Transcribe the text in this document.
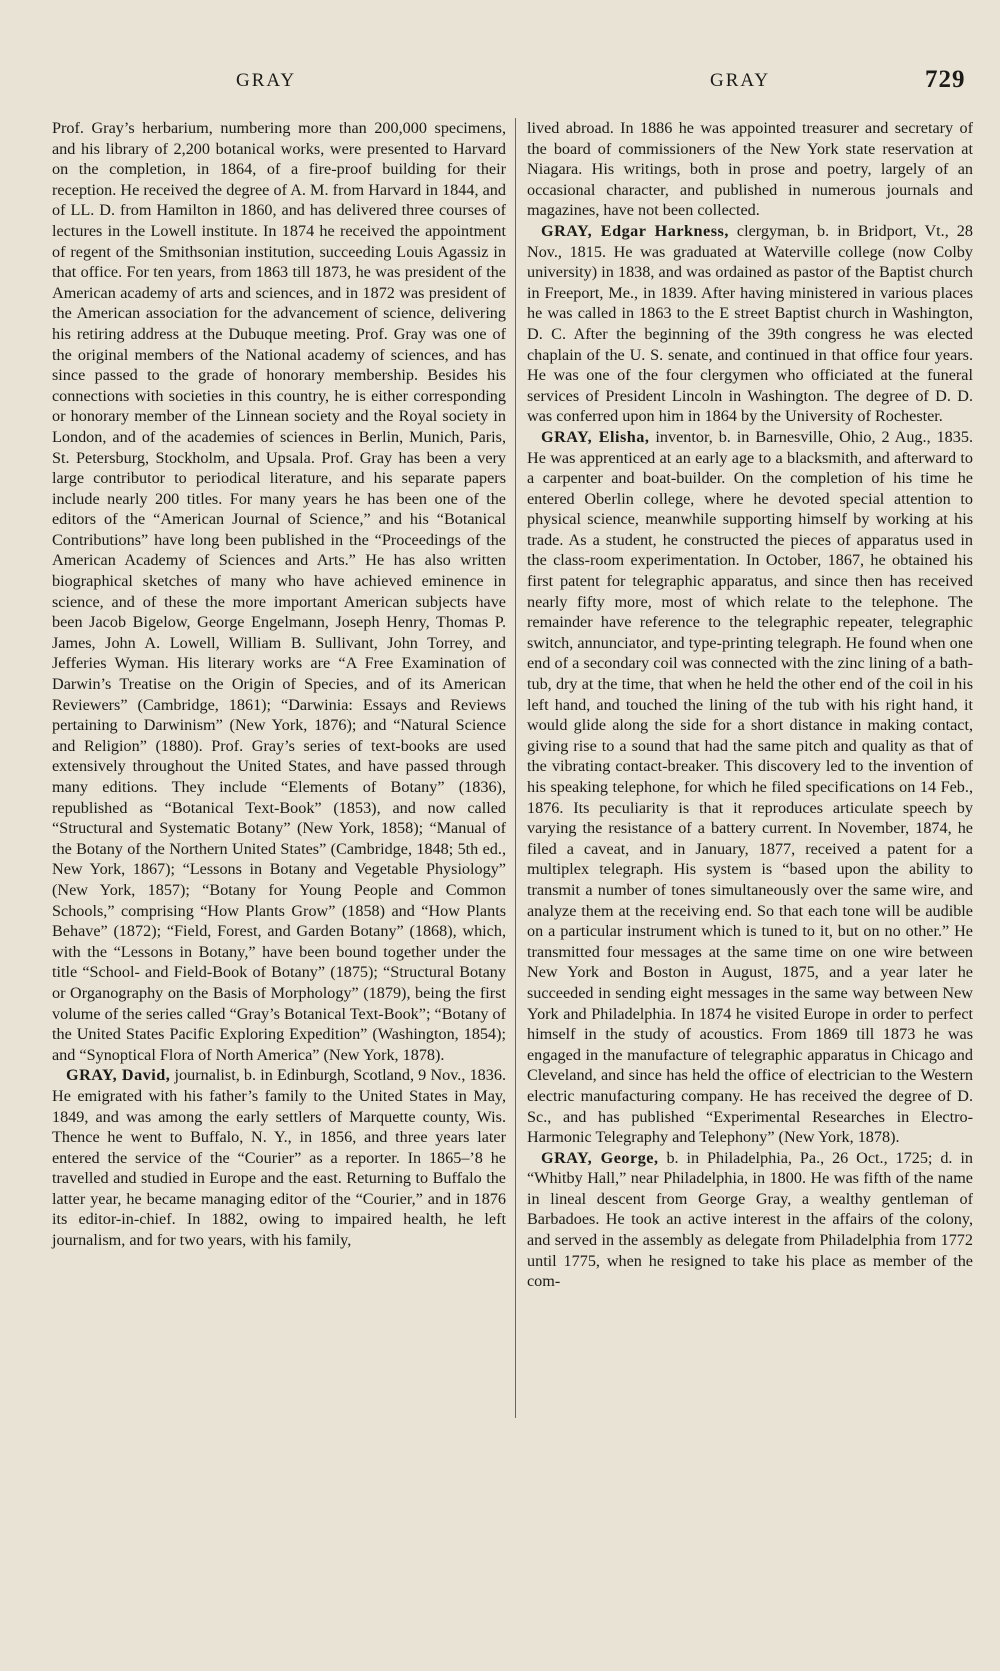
GRAY	GRAY	729

Prof. Gray’s herbarium, numbering more than 200,000 specimens, and his library of 2,200 botanical works, were presented to Harvard on the completion, in 1864, of a fire-proof building for their reception. He received the degree of A. M. from Harvard in 1844, and of LL. D. from Hamilton in 1860, and has delivered three courses of lectures in the Lowell institute. In 1874 he received the appointment of regent of the Smithsonian institution, succeeding Louis Agassiz in that office. For ten years, from 1863 till 1873, he was president of the American academy of arts and sciences, and in 1872 was president of the American association for the advancement of science, delivering his retiring address at the Dubuque meeting. Prof. Gray was one of the original members of the National academy of sciences, and has since passed to the grade of honorary membership. Besides his connections with societies in this country, he is either corresponding or honorary member of the Linnean society and the Royal society in London, and of the academies of sciences in Berlin, Munich, Paris, St. Petersburg, Stockholm, and Upsala. Prof. Gray has been a very large contributor to periodical literature, and his separate papers include nearly 200 titles. For many years he has been one of the editors of the “American Journal of Science,” and his “Botanical Contributions” have long been published in the “Proceedings of the American Academy of Sciences and Arts.” He has also written biographical sketches of many who have achieved eminence in science, and of these the more important American subjects have been Jacob Bigelow, George Engelmann, Joseph Henry, Thomas P. James, John A. Lowell, William B. Sullivant, John Torrey, and Jefferies Wyman. His literary works are “A Free Examination of Darwin’s Treatise on the Origin of Species, and of its American Reviewers” (Cambridge, 1861); “Darwinia: Essays and Reviews pertaining to Darwinism” (New York, 1876); and “Natural Science and Religion” (1880). Prof. Gray’s series of text-books are used extensively throughout the United States, and have passed through many editions. They include “Elements of Botany” (1836), republished as “Botanical Text-Book” (1853), and now called “Structural and Systematic Botany” (New York, 1858); “Manual of the Botany of the Northern United States” (Cambridge, 1848; 5th ed., New York, 1867); “Lessons in Botany and Vegetable Physiology” (New York, 1857); “Botany for Young People and Common Schools,” comprising “How Plants Grow” (1858) and “How Plants Behave” (1872); “Field, Forest, and Garden Botany” (1868), which, with the “Lessons in Botany,” have been bound together under the title “School- and Field-Book of Botany” (1875); “Structural Botany or Organography on the Basis of Morphology” (1879), being the first volume of the series called “Gray’s Botanical Text-Book”; “Botany of the United States Pacific Exploring Expedition” (Washington, 1854); and “Synoptical Flora of North America” (New York, 1878).

GRAY, David, journalist, b. in Edinburgh, Scotland, 9 Nov., 1836. He emigrated with his father’s family to the United States in May, 1849, and was among the early settlers of Marquette county, Wis. Thence he went to Buffalo, N. Y., in 1856, and three years later entered the service of the “Courier” as a reporter. In 1865–’8 he travelled and studied in Europe and the east. Returning to Buffalo the latter year, he became managing editor of the “Courier,” and in 1876 its editor-in-chief. In 1882, owing to impaired health, he left journalism, and for two years, with his family,

lived abroad. In 1886 he was appointed treasurer and secretary of the board of commissioners of the New York state reservation at Niagara. His writings, both in prose and poetry, largely of an occasional character, and published in numerous journals and magazines, have not been collected.

GRAY, Edgar Harkness, clergyman, b. in Bridport, Vt., 28 Nov., 1815. He was graduated at Waterville college (now Colby university) in 1838, and was ordained as pastor of the Baptist church in Freeport, Me., in 1839. After having ministered in various places he was called in 1863 to the E street Baptist church in Washington, D. C. After the beginning of the 39th congress he was elected chaplain of the U. S. senate, and continued in that office four years. He was one of the four clergymen who officiated at the funeral services of President Lincoln in Washington. The degree of D. D. was conferred upon him in 1864 by the University of Rochester.

GRAY, Elisha, inventor, b. in Barnesville, Ohio, 2 Aug., 1835. He was apprenticed at an early age to a blacksmith, and afterward to a carpenter and boat-builder. On the completion of his time he entered Oberlin college, where he devoted special attention to physical science, meanwhile supporting himself by working at his trade. As a student, he constructed the pieces of apparatus used in the class-room experimentation. In October, 1867, he obtained his first patent for telegraphic apparatus, and since then has received nearly fifty more, most of which relate to the telephone. The remainder have reference to the telegraphic repeater, telegraphic switch, annunciator, and type-printing telegraph. He found when one end of a secondary coil was connected with the zinc lining of a bath-tub, dry at the time, that when he held the other end of the coil in his left hand, and touched the lining of the tub with his right hand, it would glide along the side for a short distance in making contact, giving rise to a sound that had the same pitch and quality as that of the vibrating contact-breaker. This discovery led to the invention of his speaking telephone, for which he filed specifications on 14 Feb., 1876. Its peculiarity is that it reproduces articulate speech by varying the resistance of a battery current. In November, 1874, he filed a caveat, and in January, 1877, received a patent for a multiplex telegraph. His system is “based upon the ability to transmit a number of tones simultaneously over the same wire, and analyze them at the receiving end. So that each tone will be audible on a particular instrument which is tuned to it, but on no other.” He transmitted four messages at the same time on one wire between New York and Boston in August, 1875, and a year later he succeeded in sending eight messages in the same way between New York and Philadelphia. In 1874 he visited Europe in order to perfect himself in the study of acoustics. From 1869 till 1873 he was engaged in the manufacture of telegraphic apparatus in Chicago and Cleveland, and since has held the office of electrician to the Western electric manufacturing company. He has received the degree of D. Sc., and has published “Experimental Researches in Electro-Harmonic Telegraphy and Telephony” (New York, 1878).

GRAY, George, b. in Philadelphia, Pa., 26 Oct., 1725; d. in “Whitby Hall,” near Philadelphia, in 1800. He was fifth of the name in lineal descent from George Gray, a wealthy gentleman of Barbadoes. He took an active interest in the affairs of the colony, and served in the assembly as delegate from Philadelphia from 1772 until 1775, when he resigned to take his place as member of the com-
